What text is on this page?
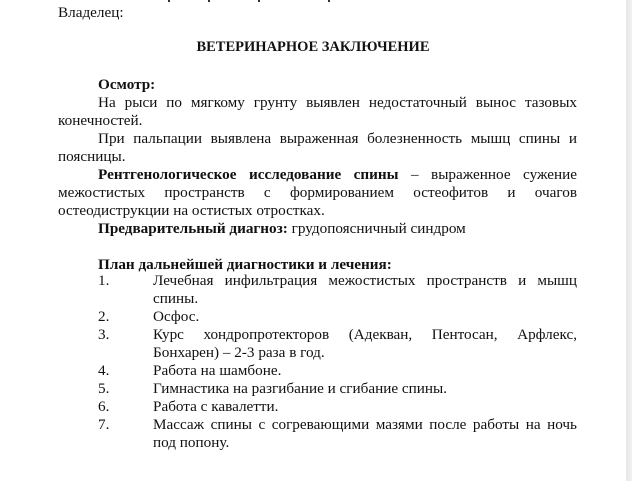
Владелец:
ВЕТЕРИНАРНОЕ ЗАКЛЮЧЕНИЕ
Осмотр:
На рыси по мягкому грунту выявлен недостаточный вынос тазовых конечностей.
При пальпации выявлена выраженная болезненность мышц спины и поясницы.
Рентгенологическое исследование спины – выраженное сужение межостистых пространств с формированием остеофитов и очагов остеодиструкции на остистых отростках.
Предварительный диагноз: грудопоясничный синдром
План дальнейшей диагностики и лечения:
1.	Лечебная инфильтрация межостистых пространств и мышц спины.
2.	Осфос.
3.	Курс хондропротекторов (Адекван, Пентосан, Арфлекс, Бонхарен) – 2-3 раза в год.
4.	Работа на шамбоне.
5.	Гимнастика на разгибание и сгибание спины.
6.	Работа с кавалетти.
7.	Массаж спины с согревающими мазями после работы на ночь под попону.
